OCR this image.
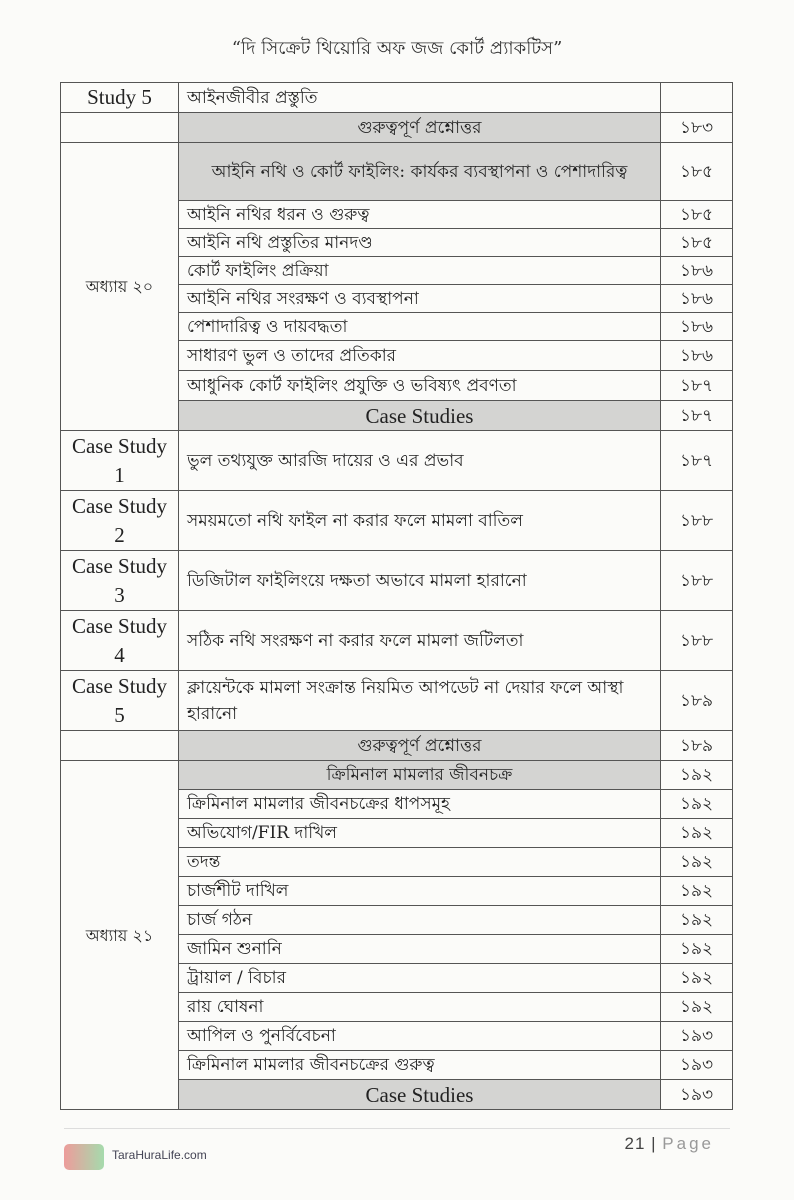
“দি সিক্রেট থিয়োরি অফ জজ কোর্ট প্র্যাকটিস”
Study 5	আইনজীবীর প্রস্তুতি	
	গুরুত্বপূর্ণ প্রশ্নোত্তর	১৮৩
অধ্যায় ২০	আইনি নথি ও কোর্ট ফাইলিং: কার্যকর ব্যবস্থাপনা ও পেশাদারিত্ব	১৮৫
	আইনি নথির ধরন ও গুরুত্ব	১৮৫
	আইনি নথি প্রস্তুতির মানদণ্ড	১৮৫
	কোর্ট ফাইলিং প্রক্রিয়া	১৮৬
	আইনি নথির সংরক্ষণ ও ব্যবস্থাপনা	১৮৬
	পেশাদারিত্ব ও দায়বদ্ধতা	১৮৬
	সাধারণ ভুল ও তাদের প্রতিকার	১৮৬
	আধুনিক কোর্ট ফাইলিং প্রযুক্তি ও ভবিষ্যৎ প্রবণতা	১৮৭
	Case Studies	১৮৭
Case Study 1	ভুল তথ্যযুক্ত আরজি দায়ের ও এর প্রভাব	১৮৭
Case Study 2	সময়মতো নথি ফাইল না করার ফলে মামলা বাতিল	১৮৮
Case Study 3	ডিজিটাল ফাইলিংয়ে দক্ষতা অভাবে মামলা হারানো	১৮৮
Case Study 4	সঠিক নথি সংরক্ষণ না করার ফলে মামলা জটিলতা	১৮৮
Case Study 5	ক্লায়েন্টকে মামলা সংক্রান্ত নিয়মিত আপডেট না দেয়ার ফলে আস্থা হারানো	১৮৯
	গুরুত্বপূর্ণ প্রশ্নোত্তর	১৮৯
অধ্যায় ২১	ক্রিমিনাল মামলার জীবনচক্র	১৯২
	ক্রিমিনাল মামলার জীবনচক্রের ধাপসমূহ	১৯২
	অভিযোগ/FIR দাখিল	১৯২
	তদন্ত	১৯২
	চার্জশীট দাখিল	১৯২
	চার্জ গঠন	১৯২
	জামিন শুনানি	১৯২
	ট্রায়াল / বিচার	১৯২
	রায় ঘোষনা	১৯২
	আপিল ও পুনর্বিবেচনা	১৯৩
	ক্রিমিনাল মামলার জীবনচক্রের গুরুত্ব	১৯৩
	Case Studies	১৯৩
TaraHuraLife.com
21 | Page
